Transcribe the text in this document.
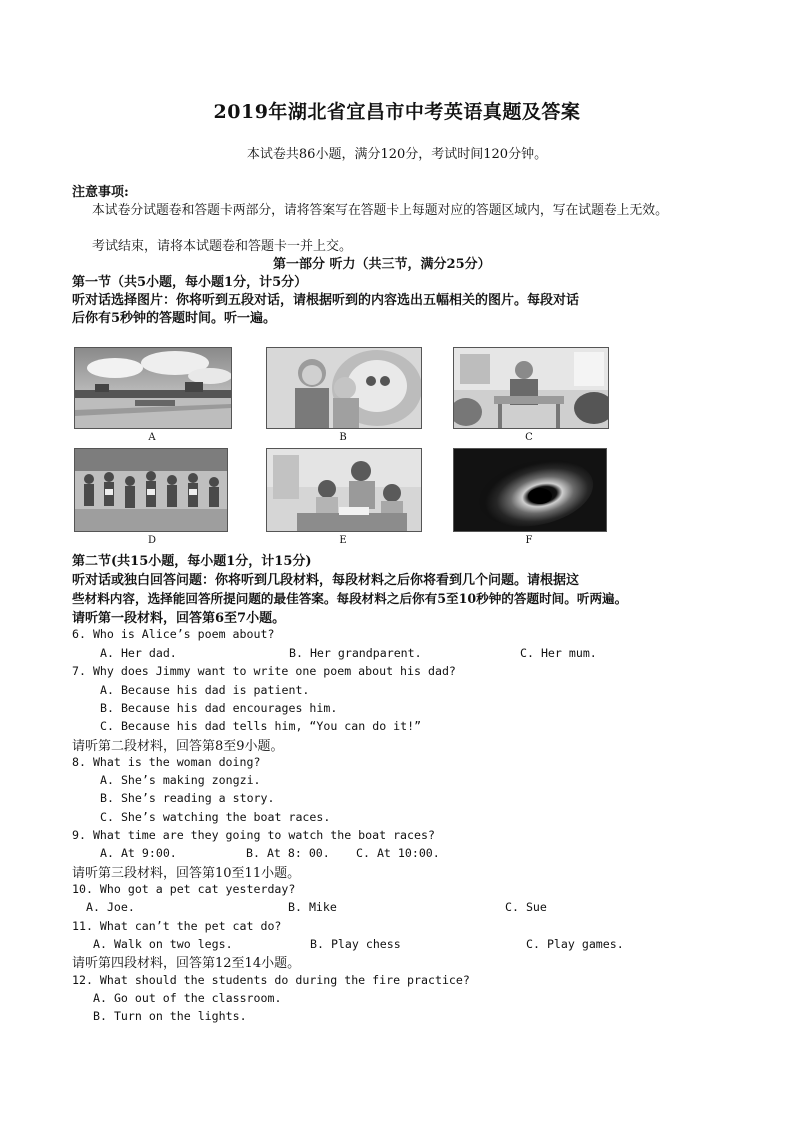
2019年湖北省宜昌市中考英语真题及答案
本试卷共86小题，满分120分，考试时间120分钟。
注意事项:
本试卷分试题卷和答题卡两部分，请将答案写在答题卡上每题对应的答题区域内，写在试题卷上无效。
考试结束，请将本试题卷和答题卡一并上交。
第一部分 听力（共三节，满分25分）
第一节（共5小题，每小题1分，计5分）
听对话选择图片：你将听到五段对话，请根据听到的内容选出五幅相关的图片。每段对话
后你有5秒钟的答题时间。听一遍。
A	B	C
D	E	F
第二节(共15小题，每小题1分，计15分)
听对话或独白回答问题：你将听到几段材料，每段材料之后你将看到几个问题。请根据这
些材料内容，选择能回答所提问题的最佳答案。每段材料之后你有5至10秒钟的答题时间。听两遍。
请听第一段材料，回答第6至7小题。
6. Who is Alice’s poem about?
A. Her dad.	B. Her grandparent.	C. Her mum.
7. Why does Jimmy want to write one poem about his dad?
A. Because his dad is patient.
B. Because his dad encourages him.
C. Because his dad tells him, “You can do it!”
请听第二段材料，回答第8至9小题。
8. What is the woman doing?
A. She’s making zongzi.
B. She’s reading a story.
C. She’s watching the boat races.
9. What time are they going to watch the boat races?
A. At 9:00.	B. At 8: 00. C. At 10:00.
请听第三段材料，回答第10至11小题。
10. Who got a pet cat yesterday?
A. Joe.	B. Mike	C. Sue
11. What can’t the pet cat do?
A. Walk on two legs.	B. Play chess	C. Play games.
请听第四段材料，回答第12至14小题。
12. What should the students do during the fire practice?
A. Go out of the classroom.
B. Turn on the lights.
